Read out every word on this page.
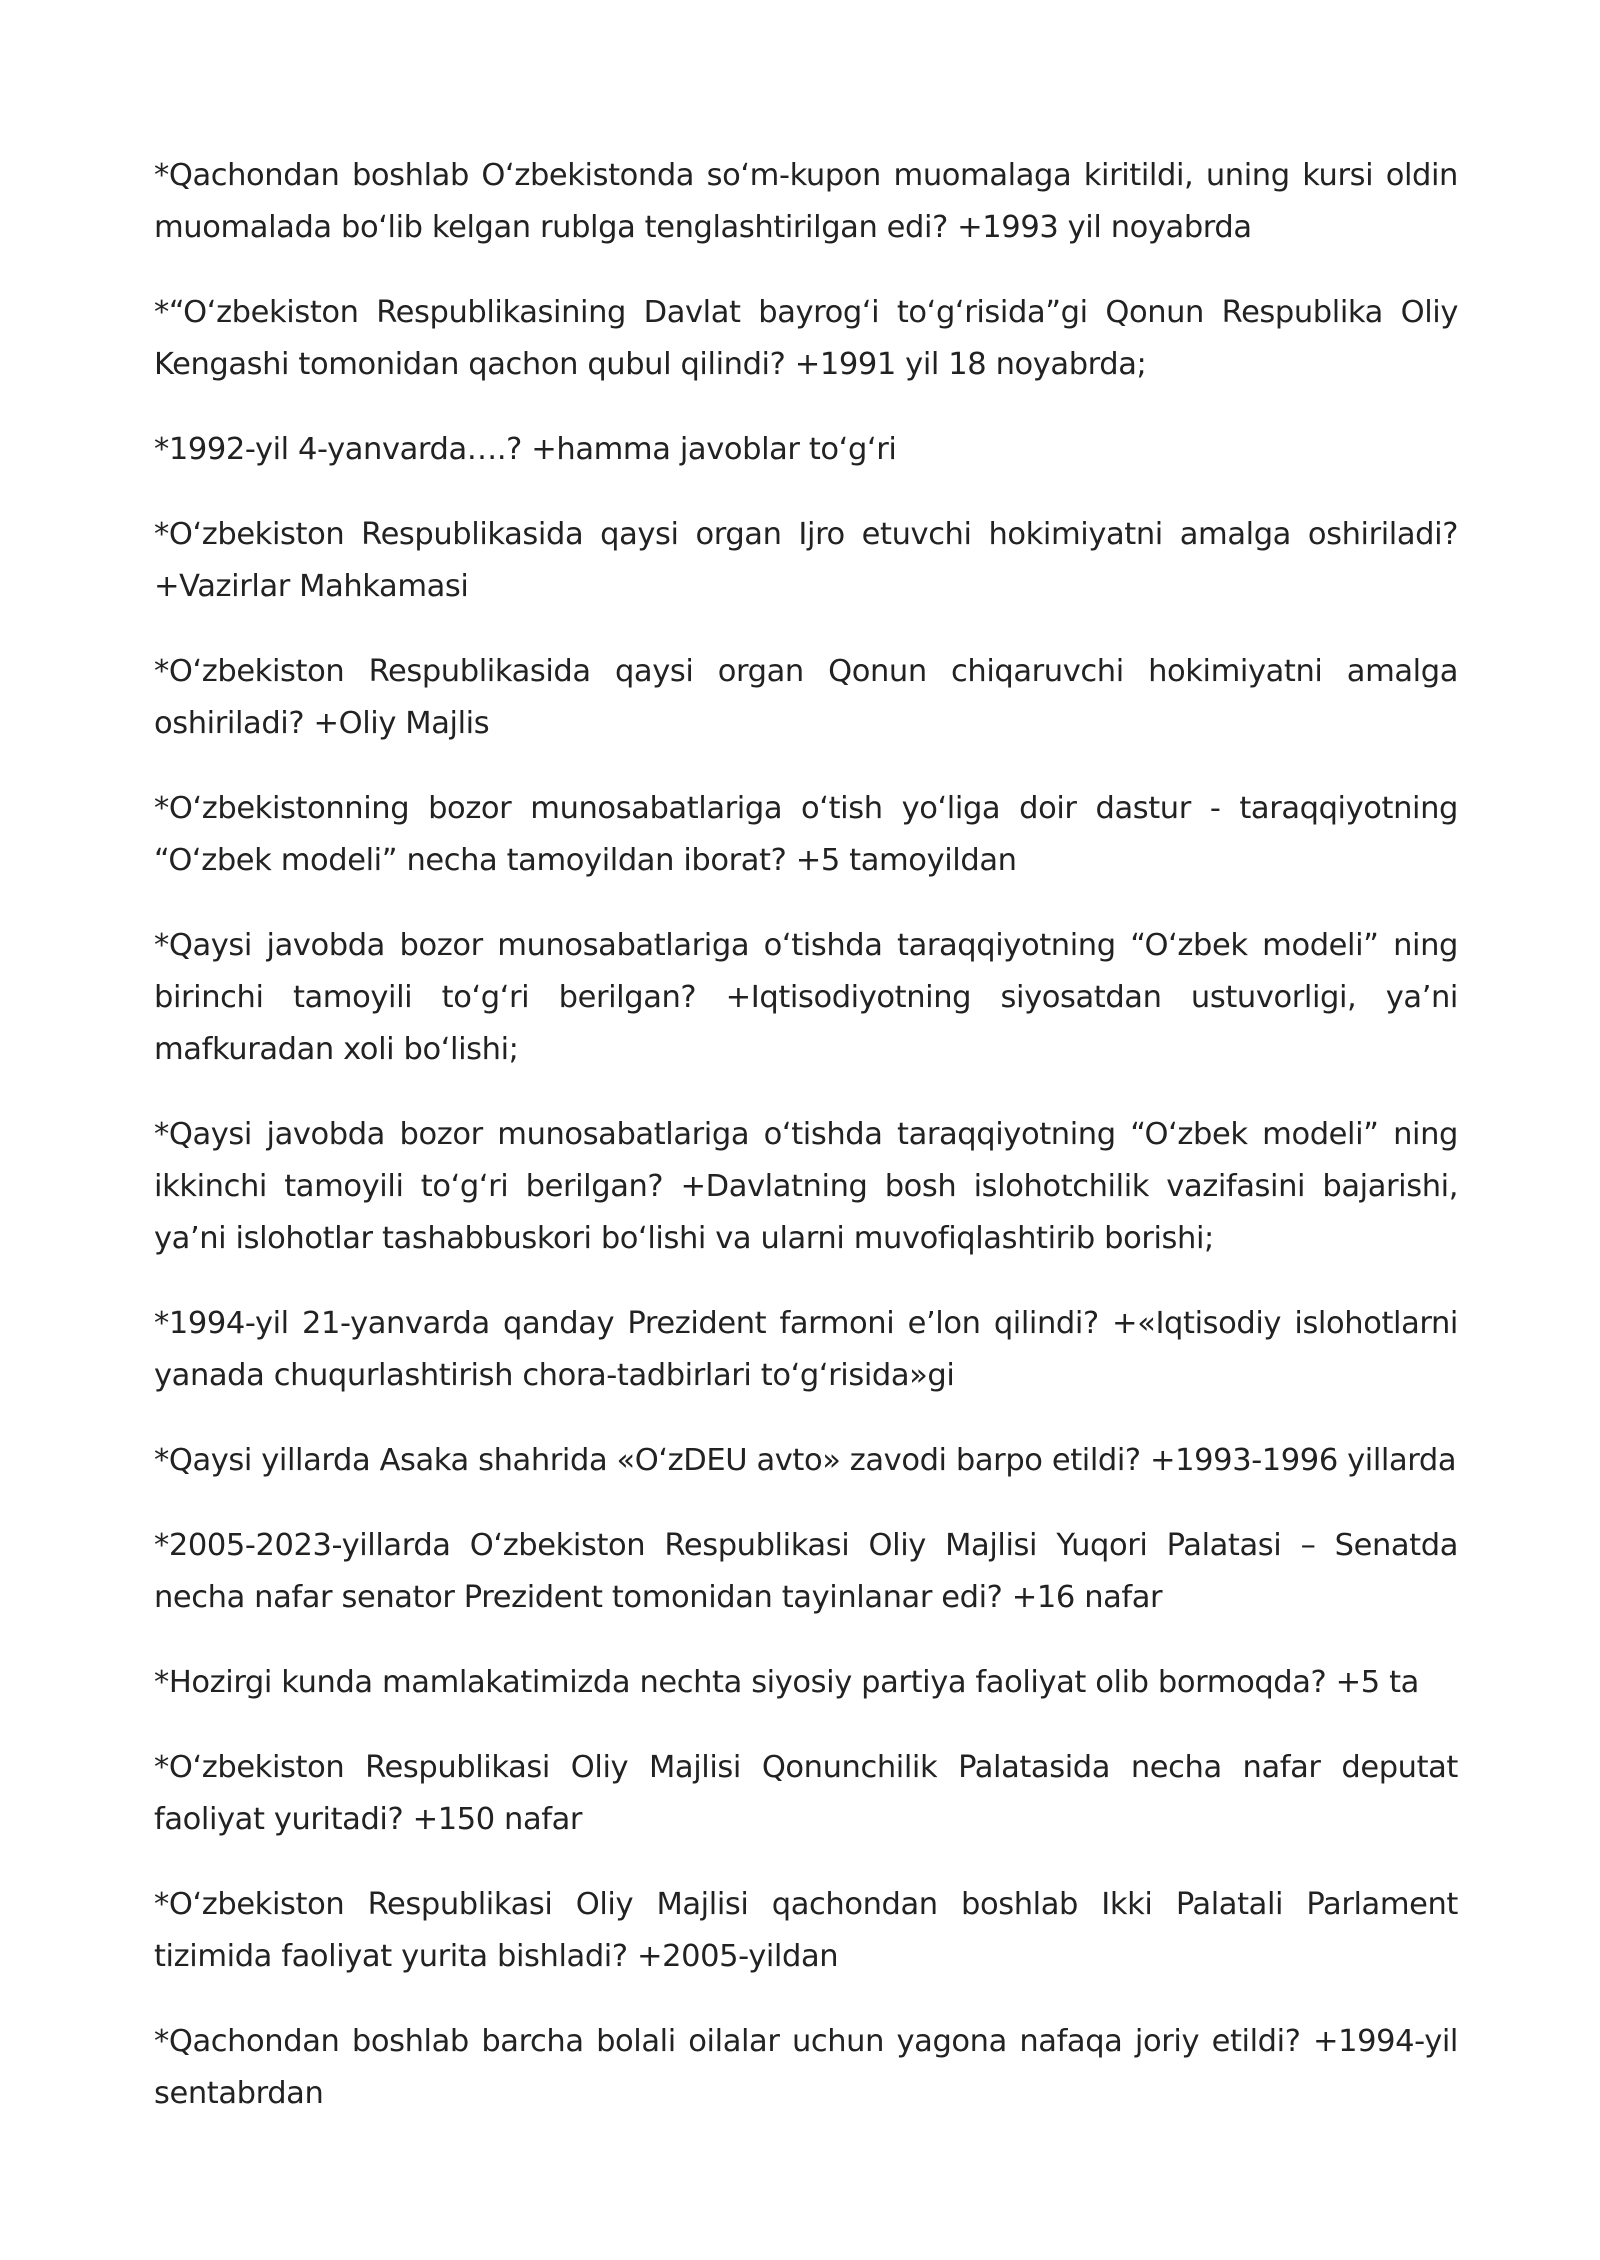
*Qachondan boshlab O‘zbekistonda so‘m-kupon muomalaga kiritildi, uning kursi oldin muomalada bo‘lib kelgan rublga tenglashtirilgan edi? +1993 yil noyabrda

*“O‘zbekiston Respublikasining Davlat bayrog‘i to‘g‘risida”gi Qonun Respublika Oliy Kengashi tomonidan qachon qubul qilindi? +1991 yil 18 noyabrda;

*1992-yil 4-yanvarda….? +hamma javoblar to‘g‘ri

*O‘zbekiston Respublikasida qaysi organ Ijro etuvchi hokimiyatni amalga oshiriladi? +Vazirlar Mahkamasi

*O‘zbekiston Respublikasida qaysi organ Qonun chiqaruvchi hokimiyatni amalga oshiriladi? +Oliy Majlis

*O‘zbekistonning bozor munosabatlariga o‘tish yo‘liga doir dastur - taraqqiyotning “O‘zbek modeli” necha tamoyildan iborat? +5 tamoyildan

*Qaysi javobda bozor munosabatlariga o‘tishda taraqqiyotning “O‘zbek modeli” ning birinchi tamoyili to‘g‘ri berilgan? +Iqtisodiyotning siyosatdan ustuvorligi, ya’ni mafkuradan xoli bo‘lishi;

*Qaysi javobda bozor munosabatlariga o‘tishda taraqqiyotning “O‘zbek modeli” ning ikkinchi tamoyili to‘g‘ri berilgan? +Davlatning bosh islohotchilik vazifasini bajarishi, ya’ni islohotlar tashabbuskori bo‘lishi va ularni muvofiqlashtirib borishi;

*1994-yil 21-yanvarda qanday Prezident farmoni e’lon qilindi? +«Iqtisodiy islohotlarni yanada chuqurlashtirish chora-tadbirlari to‘g‘risida»gi

*Qaysi yillarda Asaka shahrida «O‘zDEU avto» zavodi barpo etildi? +1993-1996 yillarda

*2005-2023-yillarda O‘zbekiston Respublikasi Oliy Majlisi Yuqori Palatasi – Senatda necha nafar senator Prezident tomonidan tayinlanar edi? +16 nafar

*Hozirgi kunda mamlakatimizda nechta siyosiy partiya faoliyat olib bormoqda? +5 ta

*O‘zbekiston Respublikasi Oliy Majlisi Qonunchilik Palatasida necha nafar deputat faoliyat yuritadi? +150 nafar

*O‘zbekiston Respublikasi Oliy Majlisi qachondan boshlab Ikki Palatali Parlament tizimida faoliyat yurita bishladi? +2005-yildan

*Qachondan boshlab barcha bolali oilalar uchun yagona nafaqa joriy etildi? +1994-yil sentabrdan
